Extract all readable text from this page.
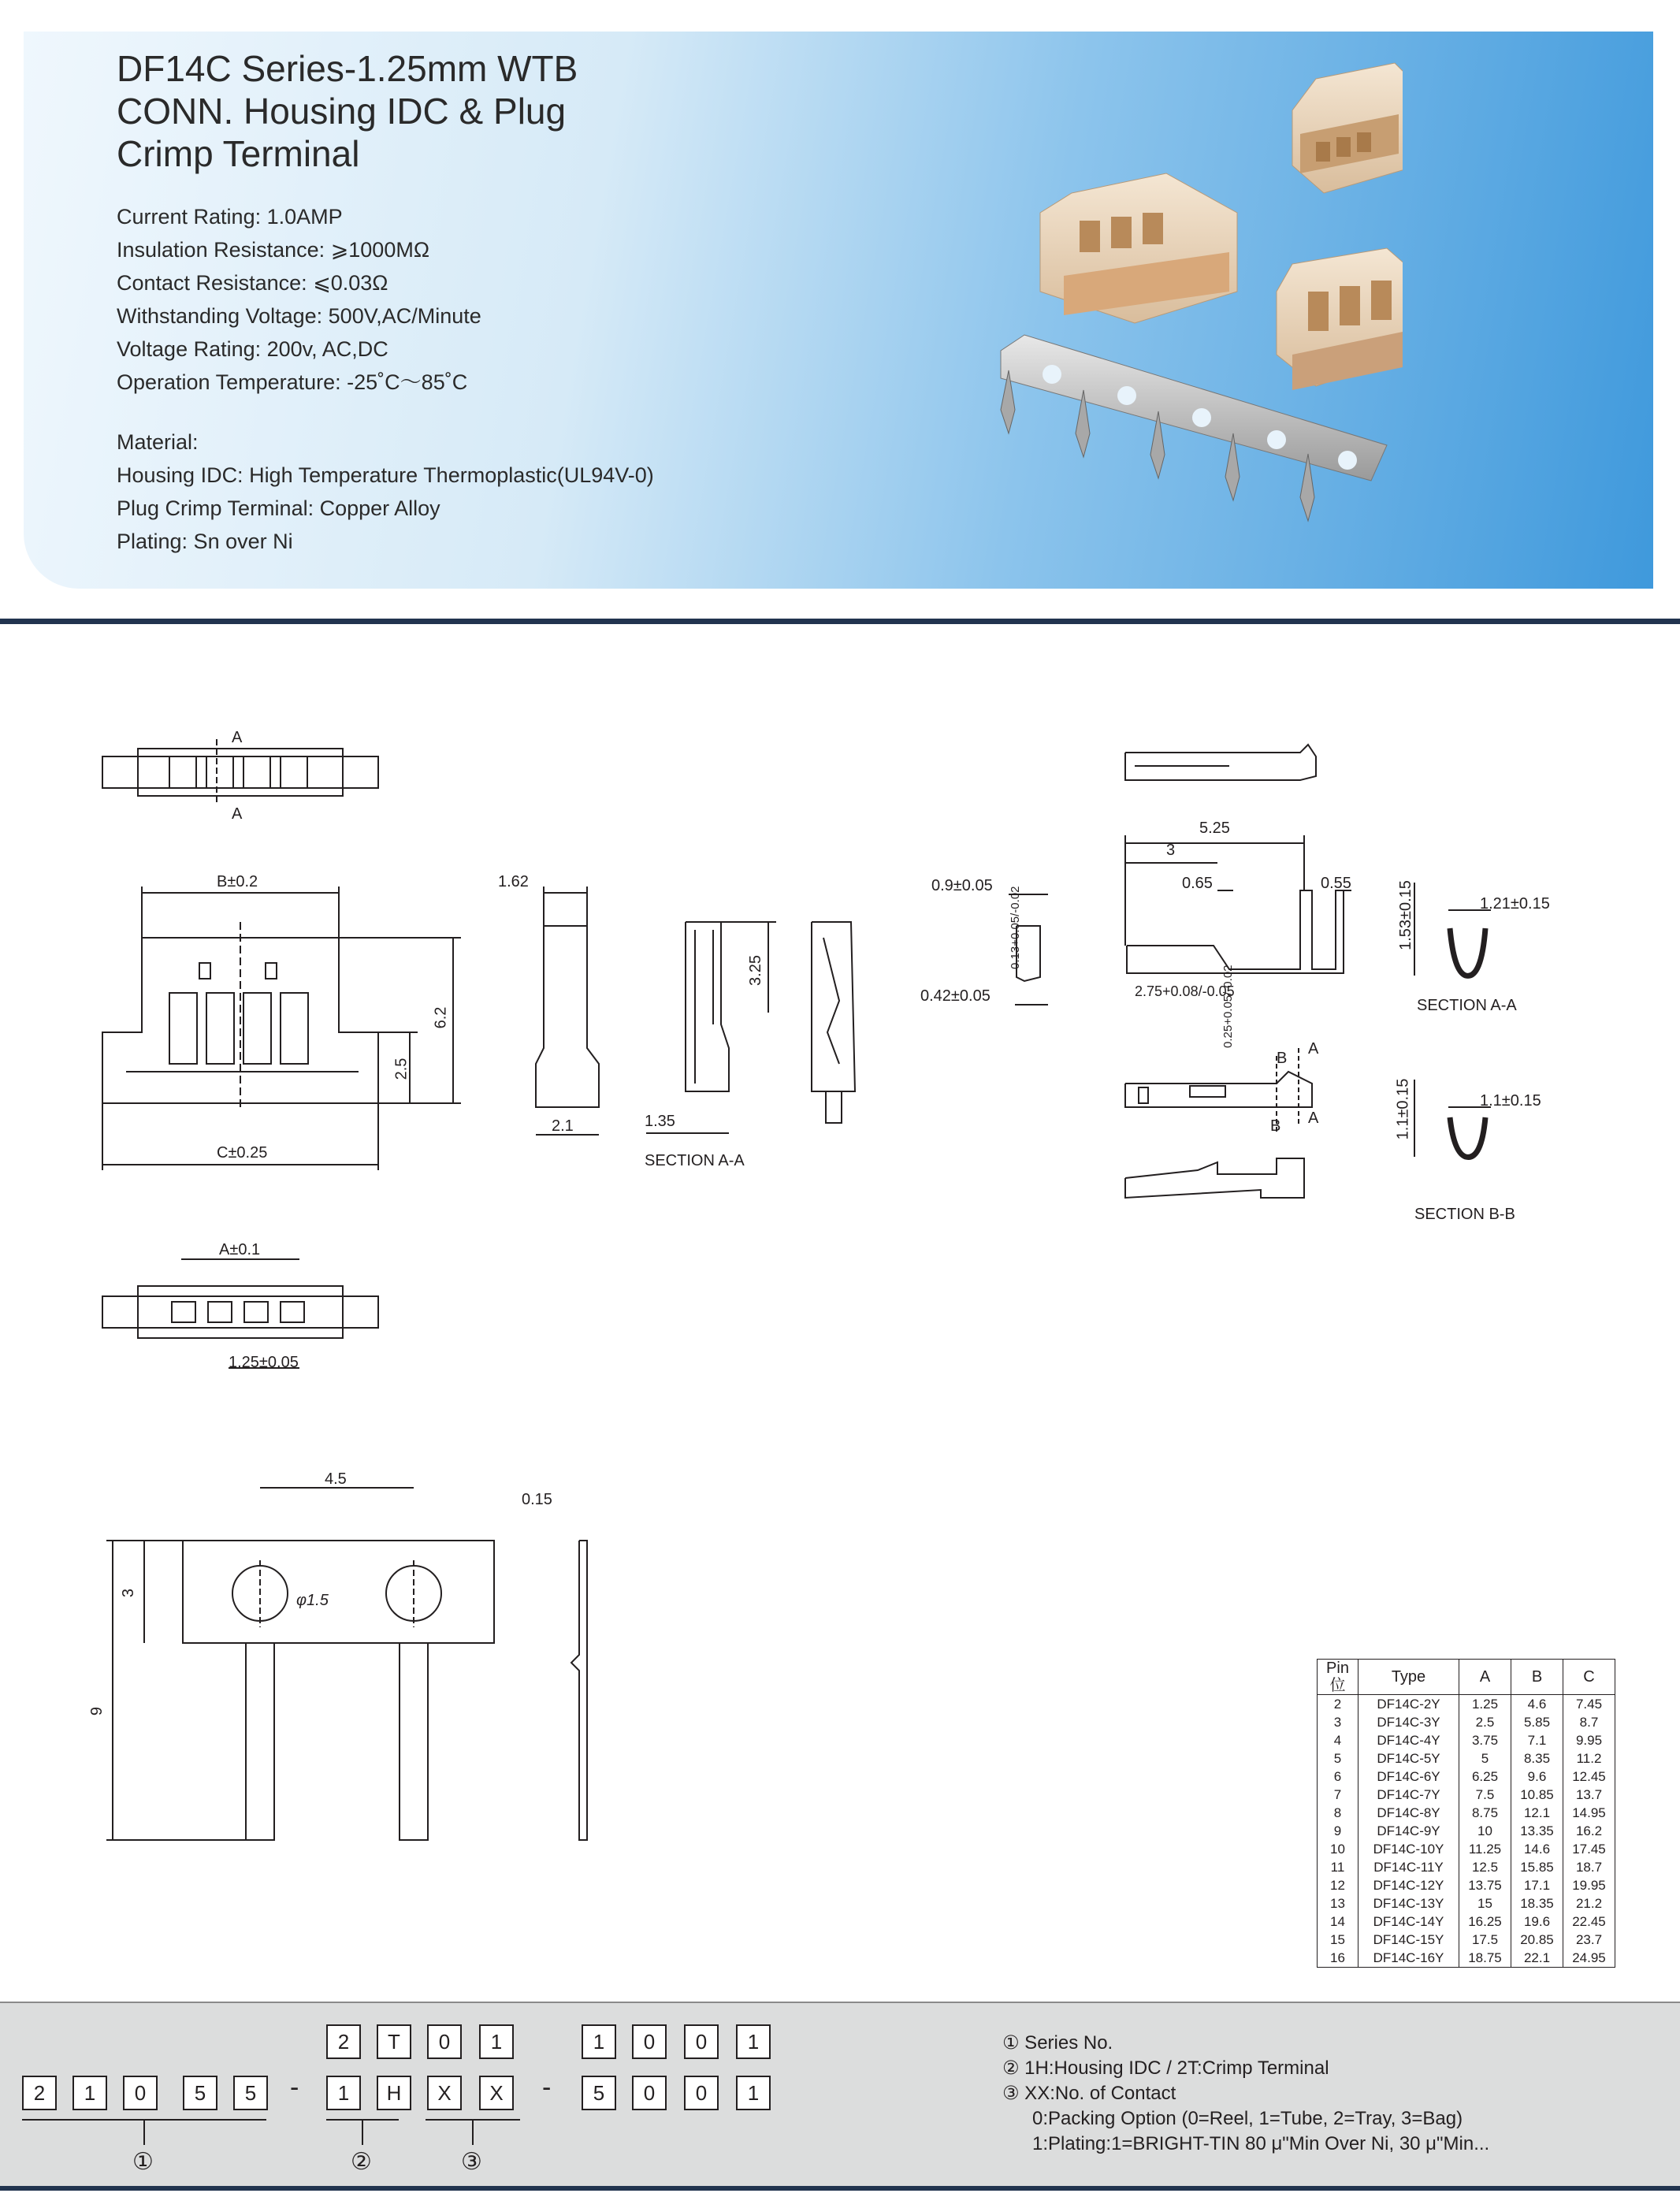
DF14C Series-1.25mm WTB
CONN. Housing IDC & Plug
Crimp Terminal
Current Rating: 1.0AMP
Insulation Resistance: ⩾1000MΩ
Contact Resistance: ⩽0.03Ω
Withstanding Voltage: 500V,AC/Minute
Voltage Rating: 200v, AC,DC
Operation Temperature: -25˚C～85˚C
Material:
Housing IDC: High Temperature Thermoplastic(UL94V-0)
Plug Crimp Terminal: Copper Alloy
Plating: Sn over Ni
A
A
B±0.2
C±0.25
6.2
2.5
1.62
2.1
3.25
1.35
SECTION A-A
A±0.1
1.25±0.05
4.5
0.15
3
9
φ1.5
5.25
3
0.65	0.55
0.9±0.05
0.42±0.05
0.13+0.05/-0.02
2.75+0.08/-0.05
0.25+0.05/-0.02
B
A
B A
1.53±0.15	1.21±0.15
SECTION A-A
1.1±0.15	1.1±0.15
SECTION B-B
Pin 位	Type	A	B	C
2	DF14C-2Y	1.25	4.6	7.45
3	DF14C-3Y	2.5	5.85	8.7
4	DF14C-4Y	3.75	7.1	9.95
5	DF14C-5Y	5	8.35	11.2
6	DF14C-6Y	6.25	9.6	12.45
7	DF14C-7Y	7.5	10.85	13.7
8	DF14C-8Y	8.75	12.1	14.95
9	DF14C-9Y	10	13.35	16.2
10	DF14C-10Y	11.25	14.6	17.45
11	DF14C-11Y	12.5	15.85	18.7
12	DF14C-12Y	13.75	17.1	19.95
13	DF14C-13Y	15	18.35	21.2
14	DF14C-14Y	16.25	19.6	22.45
15	DF14C-15Y	17.5	20.85	23.7
16	DF14C-16Y	18.75	22.1	24.95
2	1	0	5	5
2	T	0	1
1	H	X	X
1	0	0	1
5	0	0	1
-	-
①	②	③
① Series No.
② 1H:Housing IDC / 2T:Crimp Terminal
③ XX:No. of Contact
0:Packing Option (0=Reel, 1=Tube, 2=Tray, 3=Bag)
1:Plating:1=BRIGHT-TIN 80 μ"Min Over Ni, 30 μ"Min...
